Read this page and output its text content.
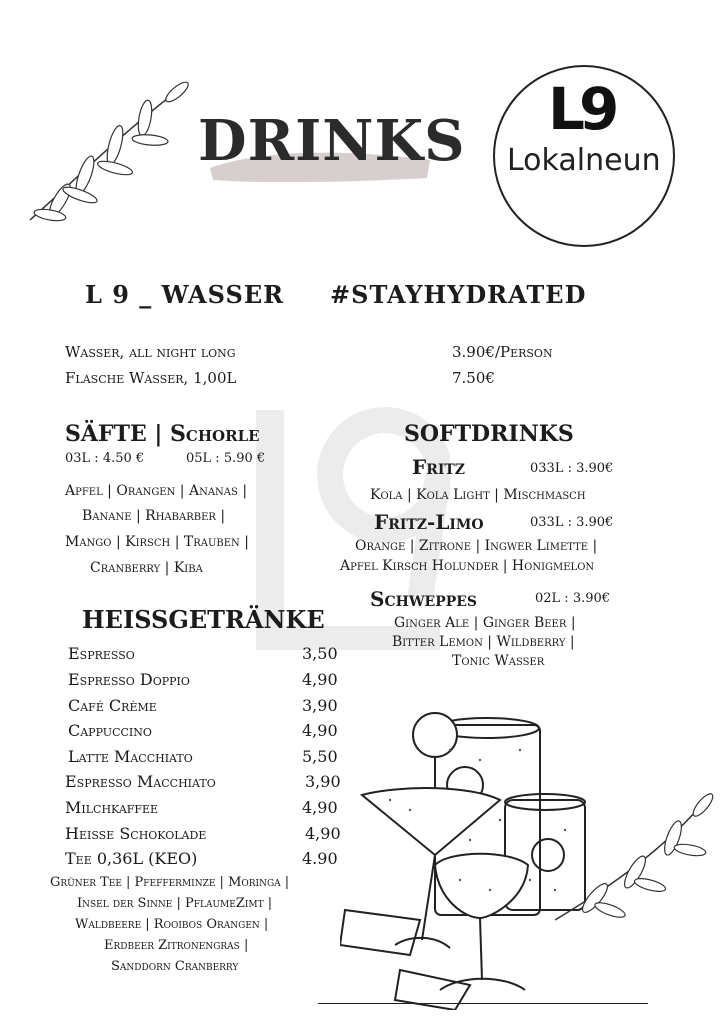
DRINKS L9
Lokalneun
L 9 _ WASSER #STAYHYDRATED
Wasser, all night long	3.90€/Person
Flasche Wasser, 1,00L	7.50€
SÄFTE | Schorle
03L : 4.50 €	05L : 5.90 €
Apfel | Orangen | Ananas |
Banane | Rhabarber |
Mango | Kirsch | Trauben |
Cranberry | Kiba
HEISSGETRÄNKE
Espresso	3,50
Espresso Doppio	4,90
Café Crème	3,90
Cappuccino	4,90
Latte Macchiato	5,50
Espresso Macchiato	3,90
Milchkaffee	4,90
Heisse Schokolade	4,90
Tee 0,36L (KEO)	4.90
Grüner Tee | Pfefferminze | Moringa |
Insel der Sinne | PflaumeZimt |
Waldbeere | Rooibos Orangen |
Erdbeer Zitronengras |
Sanddorn Cranberry
SOFTDRINKS
Fritz	033L : 3.90€
Kola | Kola Light | Mischmasch
Fritz-Limo	033L : 3.90€
Orange | Zitrone | Ingwer Limette |
Apfel Kirsch Holunder | Honigmelon
Schweppes	02L : 3.90€
Ginger Ale | Ginger Beer |
Bitter Lemon | Wildberry |
Tonic Wasser
